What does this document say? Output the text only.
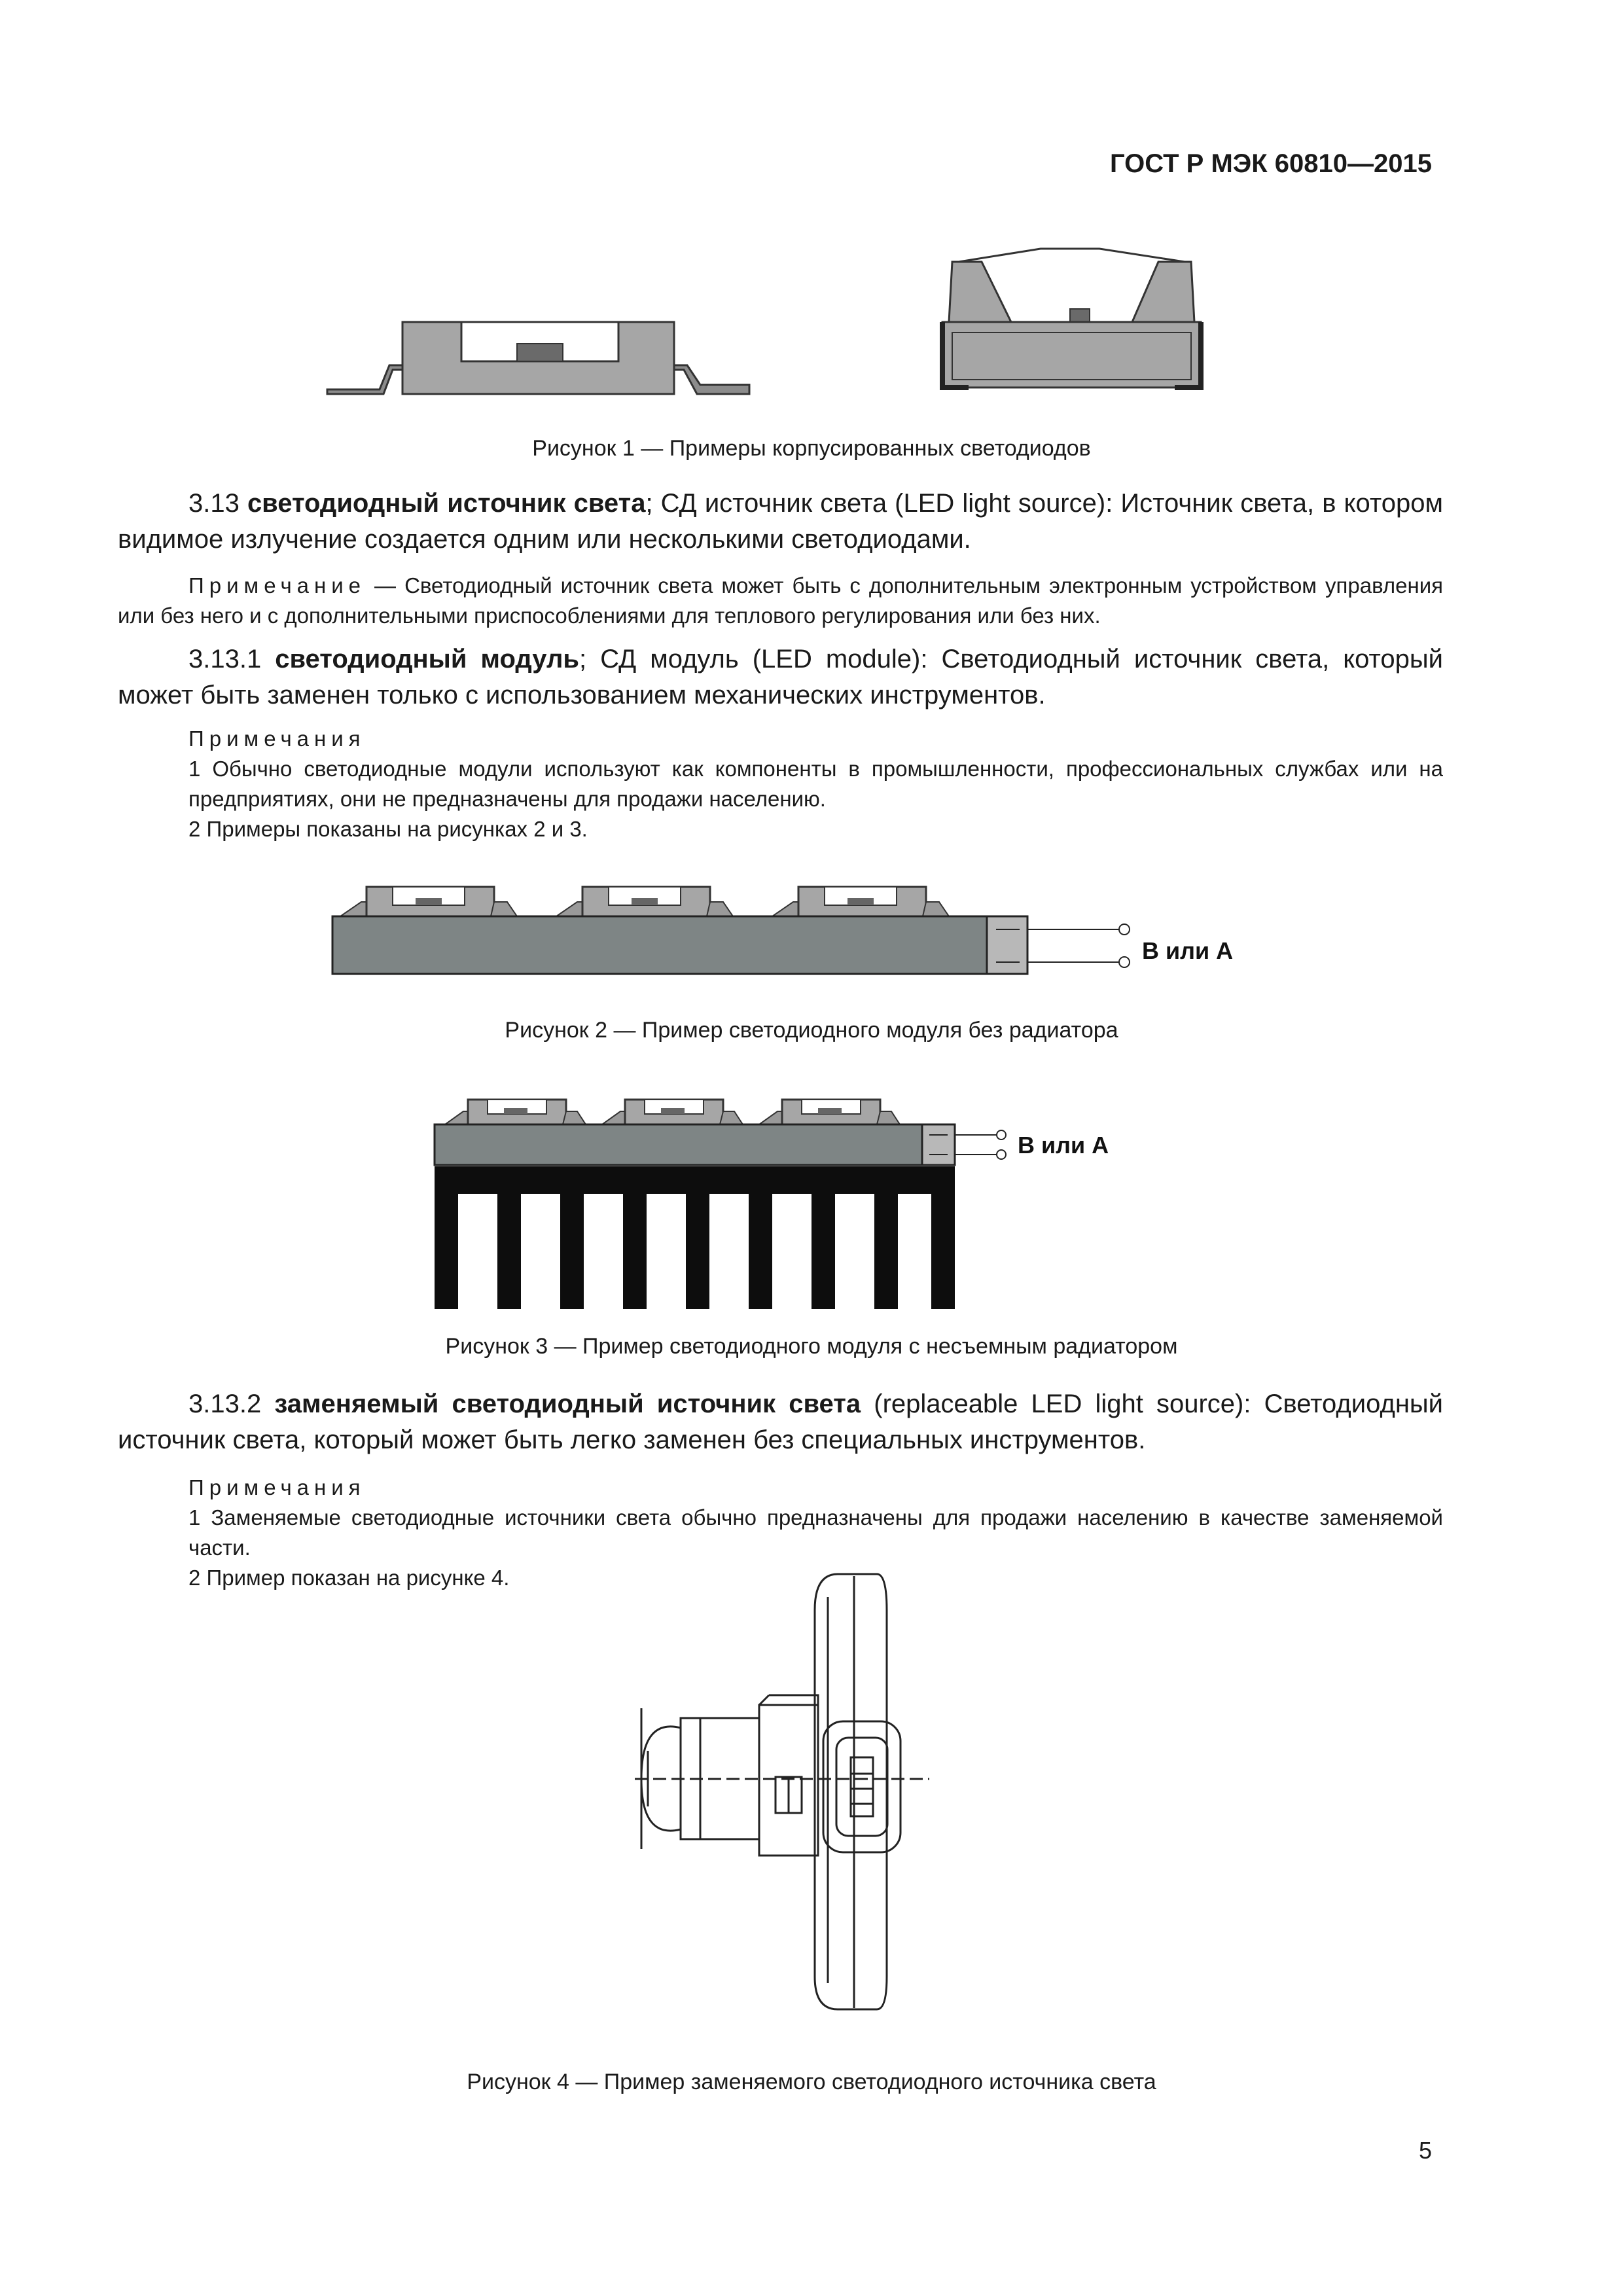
ГОСТ Р МЭК 60810—2015
Рисунок 1 — Примеры корпусированных светодиодов
3.13 светодиодный источник света; СД источник света (LED light source): Источник света, в котором видимое излучение создается одним или несколькими светодиодами.
Примечание — Светодиодный источник света может быть с дополнительным электронным устройством управления или без него и с дополнительными приспособлениями для теплового регулирования или без них.
3.13.1 светодиодный модуль; СД модуль (LED module): Светодиодный источник света, который может быть заменен только с использованием механических инструментов.
Примечания
1 Обычно светодиодные модули используют как компоненты в промышленности, профессиональных службах или на предприятиях, они не предназначены для продажи населению.
2 Примеры показаны на рисунках 2 и 3.
В или А
Рисунок 2 — Пример светодиодного модуля без радиатора
В или А
Рисунок 3 — Пример светодиодного модуля с несъемным радиатором
3.13.2 заменяемый светодиодный источник света (replaceable LED light source): Светодиодный источник света, который может быть легко заменен без специальных инструментов.
Примечания
1 Заменяемые светодиодные источники света обычно предназначены для продажи населению в качестве заменяемой части.
2 Пример показан на рисунке 4.
Рисунок 4 — Пример заменяемого светодиодного источника света
5
